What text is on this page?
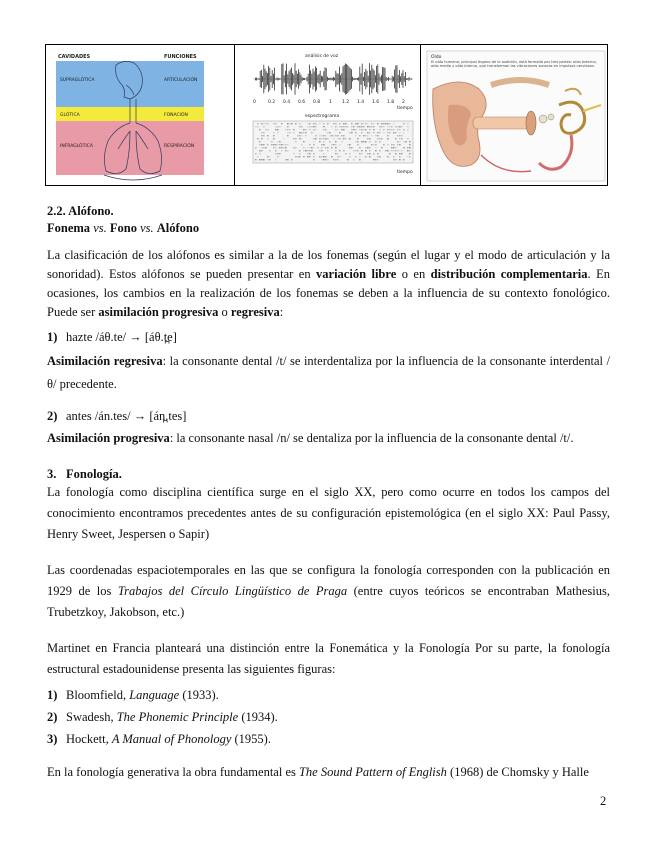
CAVIDADES	FUNCIONES
SUPRAGLÓTICA	ARTICULACIÓN
GLÓTICA	FONACIÓN
INFRAGLÓTICA	RESPIRACIÓN
análisis de voz
0	0.2 0.4 0.6 0.8 1 1.2 1.4 1.6 1.8 2
tiempo
espectrograma
tiempo
Oído
El oído humano, principal órgano de la audición, está formado por tres partes: oído externo, oído medio y oído interno, que transforman las vibraciones sonoras en impulsos nerviosos.
2.2. Alófono.
Fonema vs. Fono vs. Alófono
La clasificación de los alófonos es similar a la de los fonemas (según el lugar y el modo de articulación y la sonoridad). Estos alófonos se pueden presentar en variación libre o en distribución complementaria. En ocasiones, los cambios en la realización de los fonemas se deben a la influencia de su contexto fonológico. Puede ser asimilación progresiva o regresiva:
1) hazte /áθ.te/ → [áθ.t̪e]
Asimilación regresiva: la consonante dental /t/ se interdentaliza por la influencia de la consonante interdental /θ/ precedente.
2) antes /án.tes/ → [án̪.tes]
Asimilación progresiva: la consonante nasal /n/ se dentaliza por la influencia de la consonante dental /t/.
3. Fonología.
La fonología como disciplina científica surge en el siglo XX, pero como ocurre en todos los campos del conocimiento encontramos precedentes antes de su configuración epistemológica (en el siglo XX: Paul Passy, Henry Sweet, Jespersen o Sapir)
Las coordenadas espaciotemporales en las que se configura la fonología corresponden con la publicación en 1929 de los Trabajos del Círculo Lingüístico de Praga (entre cuyos teóricos se encontraban Mathesius, Trubetzkoy, Jakobson, etc.)
Martinet en Francia planteará una distinción entre la Fonemática y la Fonología Por su parte, la fonología estructural estadounidense presenta las siguientes figuras:
1) Bloomfield, Language (1933).
2) Swadesh, The Phonemic Principle (1934).
3) Hockett, A Manual of Phonology (1955).
En la fonología generativa la obra fundamental es The Sound Pattern of English (1968) de Chomsky y Halle
2
